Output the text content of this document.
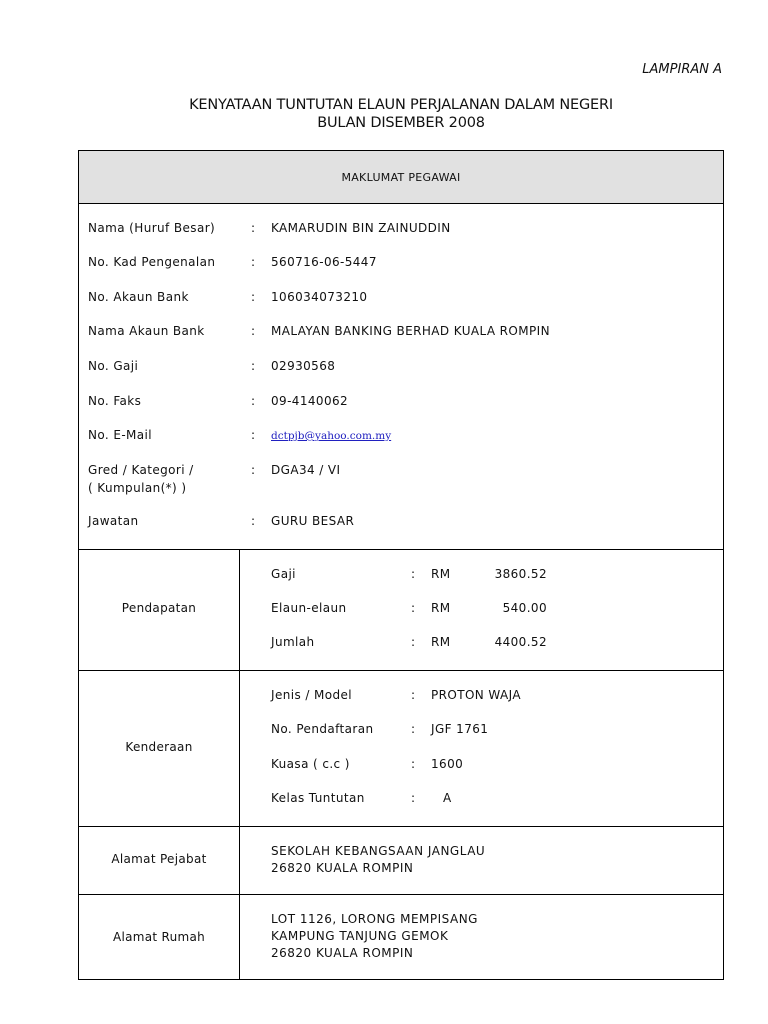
LAMPIRAN A
KENYATAAN TUNTUTAN ELAUN PERJALANAN DALAM NEGERI
BULAN DISEMBER 2008
MAKLUMAT PEGAWAI
Nama (Huruf Besar)	: KAMARUDIN BIN ZAINUDDIN
No. Kad Pengenalan	: 560716-06-5447
No. Akaun Bank	: 106034073210
Nama Akaun Bank	: MALAYAN BANKING BERHAD KUALA ROMPIN
No. Gaji	: 02930568
No. Faks	: 09-4140062
No. E-Mail	: dctpjb@yahoo.com.my
Gred / Kategori /
( Kumpulan(*) )
: DGA34 / VI
Jawatan	: GURU BESAR
Pendapatan
Gaji	: RM	3860.52
Elaun-elaun	: RM	540.00
Jumlah	: RM	4400.52
Kenderaan
Jenis / Model	: PROTON WAJA
No. Pendaftaran	: JGF 1761
Kuasa ( c.c )	: 1600
Kelas Tuntutan	: A
Alamat Pejabat
SEKOLAH KEBANGSAAN JANGLAU
26820 KUALA ROMPIN
Alamat Rumah
LOT 1126, LORONG MEMPISANG
KAMPUNG TANJUNG GEMOK
26820 KUALA ROMPIN
